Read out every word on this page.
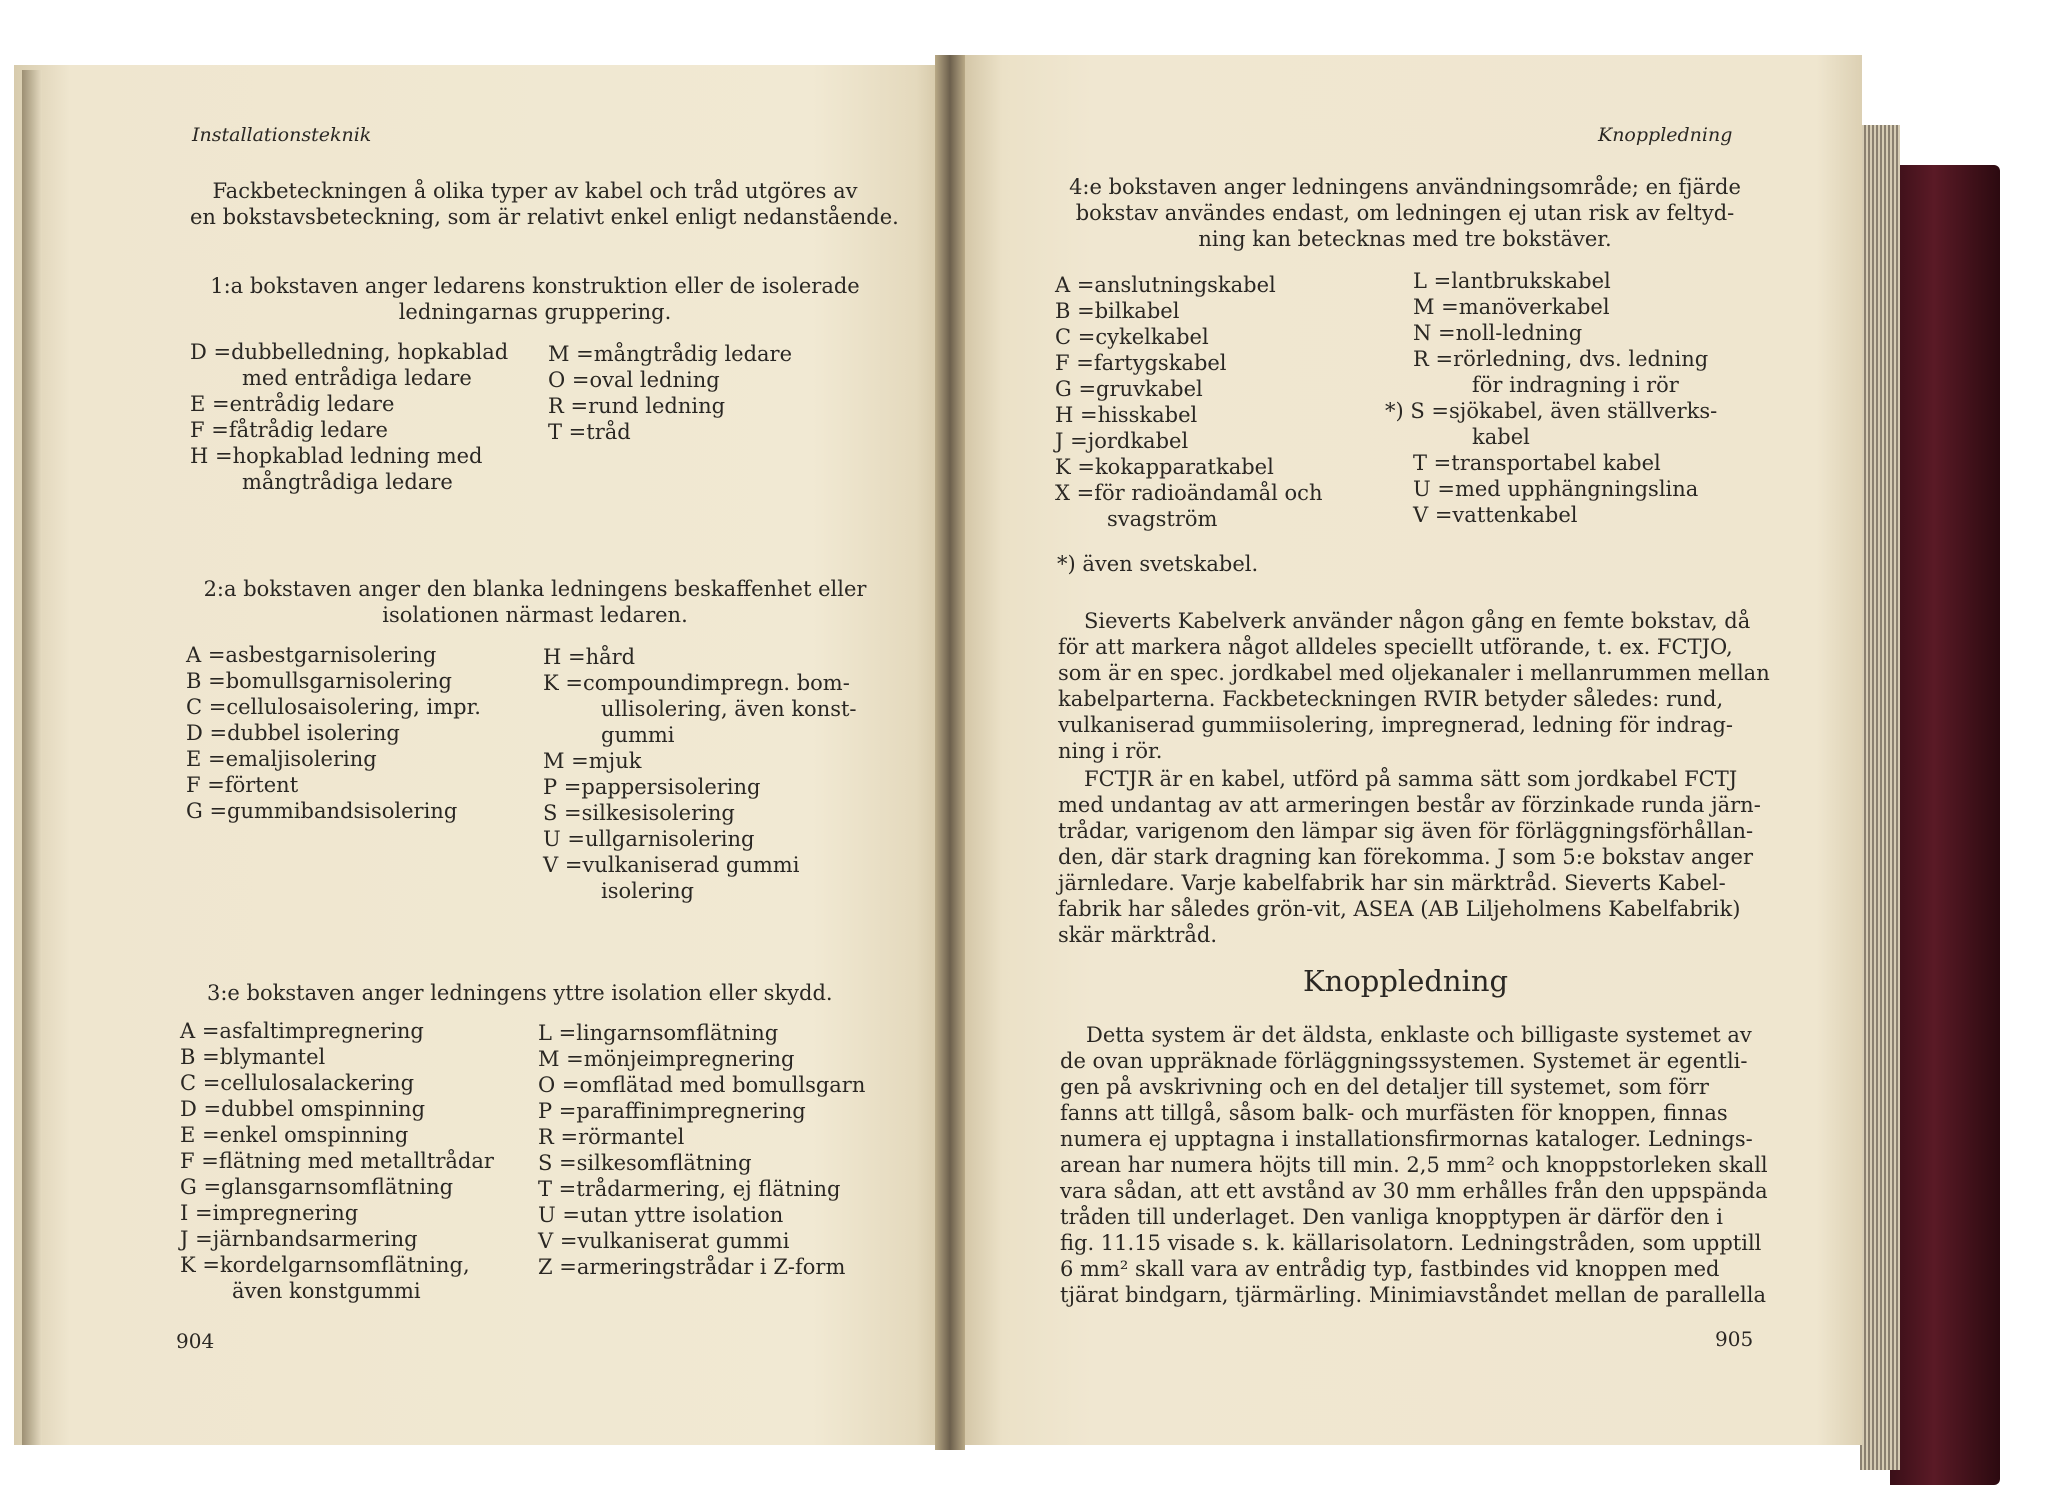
Installationsteknik
Fackbeteckningen å olika typer av kabel och tråd utgöres av
en bokstavsbeteckning, som är relativt enkel enligt nedanstående.
1:a bokstaven anger ledarens konstruktion eller de isolerade
ledningarnas gruppering.
D =dubbelledning, hopkablad
med entrådiga ledare
E =entrådig ledare
F =fåtrådig ledare
H =hopkablad ledning med
mångtrådiga ledare
M =mångtrådig ledare
O =oval ledning
R =rund ledning
T =tråd
2:a bokstaven anger den blanka ledningens beskaffenhet eller
isolationen närmast ledaren.
A =asbestgarnisolering
B =bomullsgarnisolering
C =cellulosaisolering, impr.
D =dubbel isolering
E =emaljisolering
F =förtent
G =gummibandsisolering
H =hård
K =compoundimpregn. bom-
ullisolering, även konst-
gummi
M =mjuk
P =pappersisolering
S =silkesisolering
U =ullgarnisolering
V =vulkaniserad gummi
isolering
3:e bokstaven anger ledningens yttre isolation eller skydd.
A =asfaltimpregnering
B =blymantel
C =cellulosalackering
D =dubbel omspinning
E =enkel omspinning
F =flätning med metalltrådar
G =glansgarnsomflätning
I =impregnering
J =järnbandsarmering
K =kordelgarnsomflätning,
även konstgummi
L =lingarnsomflätning
M =mönjeimpregnering
O =omflätad med bomullsgarn
P =paraffinimpregnering
R =rörmantel
S =silkesomflätning
T =trådarmering, ej flätning
U =utan yttre isolation
V =vulkaniserat gummi
Z =armeringstrådar i Z-form
904
Knoppledning
4:e bokstaven anger ledningens användningsområde; en fjärde
bokstav användes endast, om ledningen ej utan risk av feltyd-
ning kan betecknas med tre bokstäver.
A =anslutningskabel
B =bilkabel
C =cykelkabel
F =fartygskabel
G =gruvkabel
H =hisskabel
J =jordkabel
K =kokapparatkabel
X =för radioändamål och
svagström
L =lantbrukskabel
M =manöverkabel
N =noll-ledning
R =rörledning, dvs. ledning
för indragning i rör
*) S =sjökabel, även ställverks-
kabel
T =transportabel kabel
U =med upphängningslina
V =vattenkabel
*) även svetskabel.
Sieverts Kabelverk använder någon gång en femte bokstav, då
för att markera något alldeles speciellt utförande, t. ex. FCTJO,
som är en spec. jordkabel med oljekanaler i mellanrummen mellan
kabelparterna. Fackbeteckningen RVIR betyder således: rund,
vulkaniserad gummiisolering, impregnerad, ledning för indrag-
ning i rör.
FCTJR är en kabel, utförd på samma sätt som jordkabel FCTJ
med undantag av att armeringen består av förzinkade runda järn-
trådar, varigenom den lämpar sig även för förläggningsförhållan-
den, där stark dragning kan förekomma. J som 5:e bokstav anger
järnledare. Varje kabelfabrik har sin märktråd. Sieverts Kabel-
fabrik har således grön-vit, ASEA (AB Liljeholmens Kabelfabrik)
skär märktråd.
Knoppledning
Detta system är det äldsta, enklaste och billigaste systemet av
de ovan uppräknade förläggningssystemen. Systemet är egentli-
gen på avskrivning och en del detaljer till systemet, som förr
fanns att tillgå, såsom balk- och murfästen för knoppen, finnas
numera ej upptagna i installationsfirmornas kataloger. Lednings-
arean har numera höjts till min. 2,5 mm² och knoppstorleken skall
vara sådan, att ett avstånd av 30 mm erhålles från den uppspända
tråden till underlaget. Den vanliga knopptypen är därför den i
fig. 11.15 visade s. k. källarisolatorn. Ledningstråden, som upptill
6 mm² skall vara av entrådig typ, fastbindes vid knoppen med
tjärat bindgarn, tjärmärling. Minimiavståndet mellan de parallella
905
